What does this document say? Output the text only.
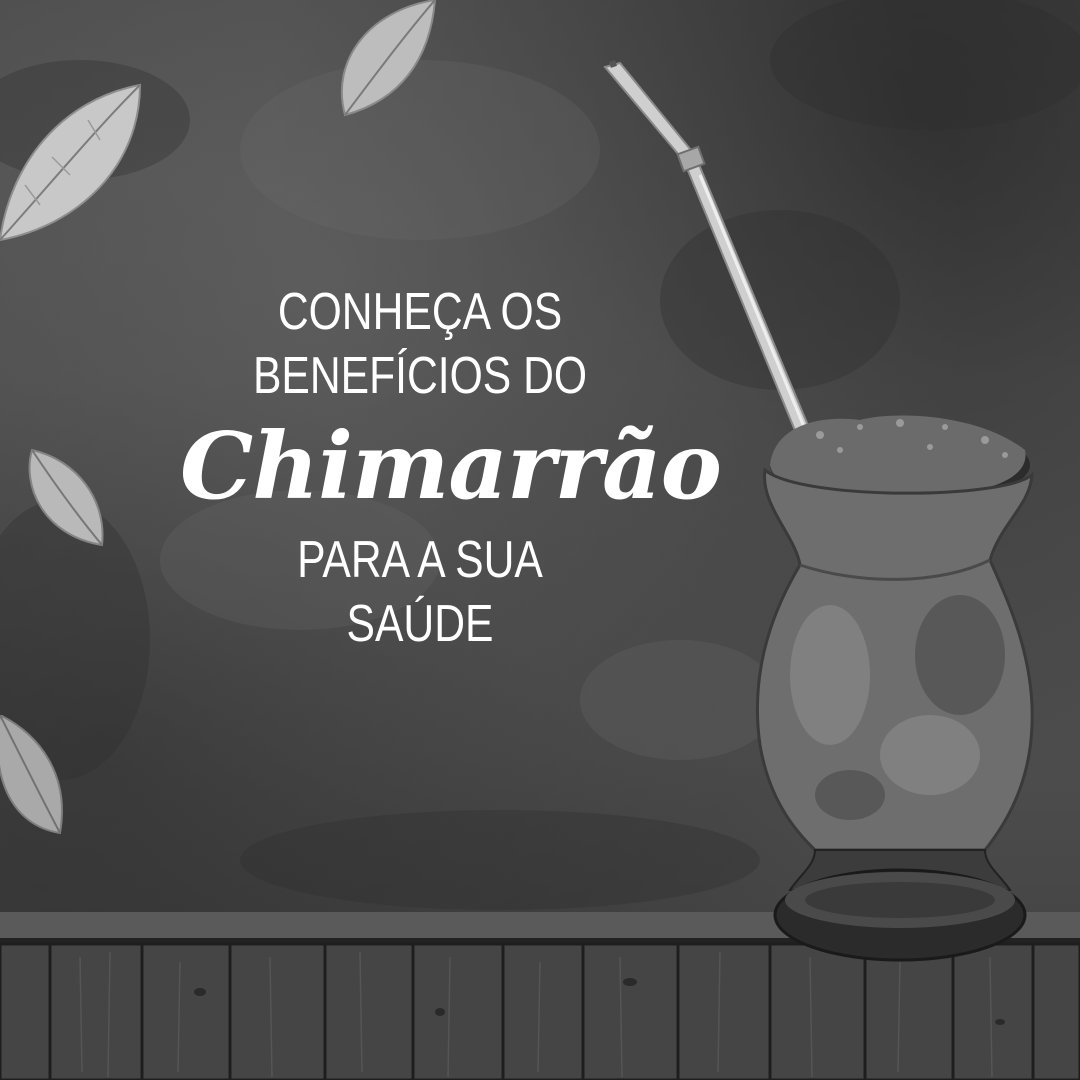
CONHEÇA OS
BENEFÍCIOS DO
Chimarrão
PARA A SUA SAÚDE
